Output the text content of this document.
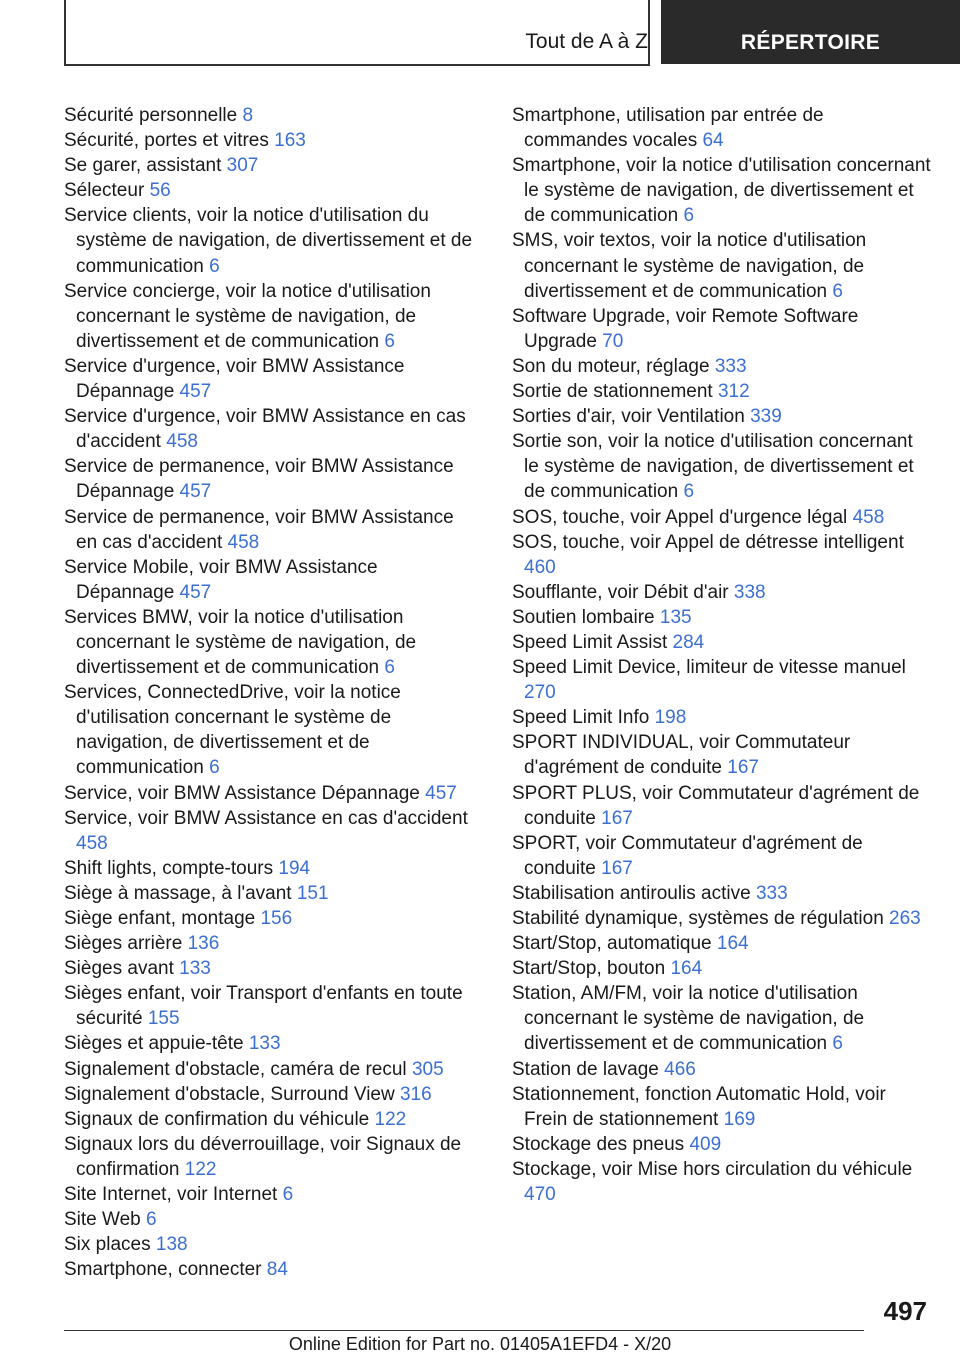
Tout de A à Z	RÉPERTOIRE

Sécurité personnelle 8

Sécurité, portes et vitres 163

Se garer, assistant 307

Sélecteur 56

Service clients, voir la notice d'utilisation du système de navigation, de divertissement et de communication 6

Service concierge, voir la notice d'utilisation concernant le système de navigation, de divertissement et de communication 6

Service d'urgence, voir BMW Assistance Dépannage 457

Service d'urgence, voir BMW Assistance en cas d'accident 458

Service de permanence, voir BMW Assistance Dépannage 457

Service de permanence, voir BMW Assistance en cas d'accident 458

Service Mobile, voir BMW Assistance Dépannage 457

Services BMW, voir la notice d'utilisation concernant le système de navigation, de divertissement et de communication 6

Services, ConnectedDrive, voir la notice d'utilisation concernant le système de navigation, de divertissement et de communication 6

Service, voir BMW Assistance Dépannage 457

Service, voir BMW Assistance en cas d'accident 458

Shift lights, compte-tours 194

Siège à massage, à l'avant 151

Siège enfant, montage 156

Sièges arrière 136

Sièges avant 133

Sièges enfant, voir Transport d'enfants en toute sécurité 155

Sièges et appuie-tête 133

Signalement d'obstacle, caméra de recul 305

Signalement d'obstacle, Surround View 316

Signaux de confirmation du véhicule 122

Signaux lors du déverrouillage, voir Signaux de confirmation 122

Site Internet, voir Internet 6

Site Web 6

Six places 138

Smartphone, connecter 84

Smartphone, utilisation par entrée de commandes vocales 64

Smartphone, voir la notice d'utilisation concernant le système de navigation, de divertissement et de communication 6

SMS, voir textos, voir la notice d'utilisation concernant le système de navigation, de divertissement et de communication 6

Software Upgrade, voir Remote Software Upgrade 70

Son du moteur, réglage 333

Sortie de stationnement 312

Sorties d'air, voir Ventilation 339

Sortie son, voir la notice d'utilisation concernant le système de navigation, de divertissement et de communication 6

SOS, touche, voir Appel d'urgence légal 458

SOS, touche, voir Appel de détresse intelligent 460

Soufflante, voir Débit d'air 338

Soutien lombaire 135

Speed Limit Assist 284

Speed Limit Device, limiteur de vitesse manuel 270

Speed Limit Info 198

SPORT INDIVIDUAL, voir Commutateur d'agrément de conduite 167

SPORT PLUS, voir Commutateur d'agrément de conduite 167

SPORT, voir Commutateur d'agrément de conduite 167

Stabilisation antiroulis active 333

Stabilité dynamique, systèmes de régulation 263

Start/Stop, automatique 164

Start/Stop, bouton 164

Station, AM/FM, voir la notice d'utilisation concernant le système de navigation, de divertissement et de communication 6

Station de lavage 466

Stationnement, fonction Automatic Hold, voir Frein de stationnement 169

Stockage des pneus 409

Stockage, voir Mise hors circulation du véhicule 470

497
Online Edition for Part no. 01405A1EFD4 - X/20
